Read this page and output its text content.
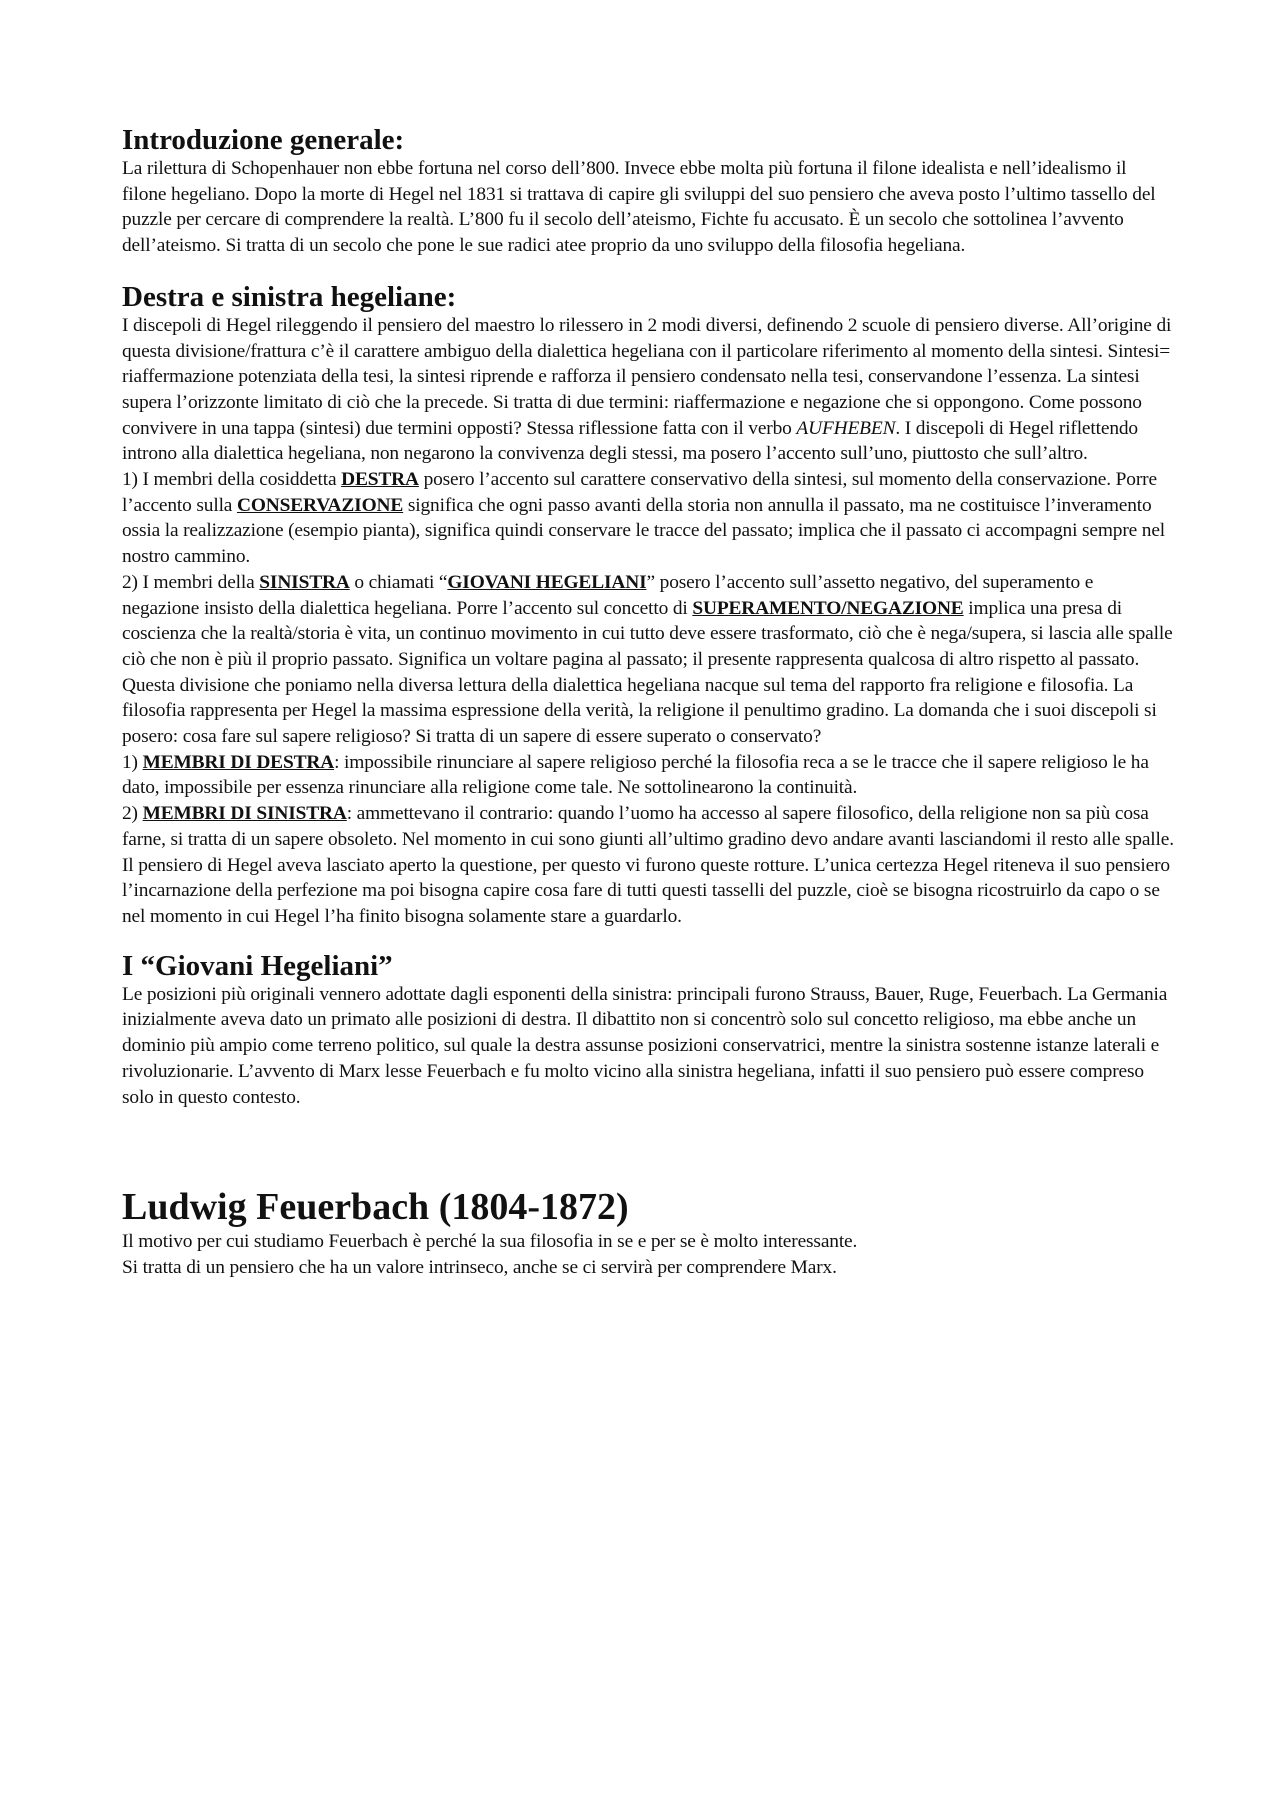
Introduzione generale:

La rilettura di Schopenhauer non ebbe fortuna nel corso dell’800. Invece ebbe molta più fortuna il filone idealista e nell’idealismo il filone hegeliano. Dopo la morte di Hegel nel 1831 si trattava di capire gli sviluppi del suo pensiero che aveva posto l’ultimo tassello del puzzle per cercare di comprendere la realtà. L’800 fu il secolo dell’ateismo, Fichte fu accusato. È un secolo che sottolinea l’avvento dell’ateismo. Si tratta di un secolo che pone le sue radici atee proprio da uno sviluppo della filosofia hegeliana.

Destra e sinistra hegeliane:

I discepoli di Hegel rileggendo il pensiero del maestro lo rilessero in 2 modi diversi, definendo 2 scuole di pensiero diverse. All’origine di questa divisione/frattura c’è il carattere ambiguo della dialettica hegeliana con il particolare riferimento al momento della sintesi. Sintesi= riaffermazione potenziata della tesi, la sintesi riprende e rafforza il pensiero condensato nella tesi, conservandone l’essenza. La sintesi supera l’orizzonte limitato di ciò che la precede. Si tratta di due termini: riaffermazione e negazione che si oppongono. Come possono convivere in una tappa (sintesi) due termini opposti? Stessa riflessione fatta con il verbo AUFHEBEN. I discepoli di Hegel riflettendo introno alla dialettica hegeliana, non negarono la convivenza degli stessi, ma posero l’accento sull’uno, piuttosto che sull’altro.

1) I membri della cosiddetta DESTRA posero l’accento sul carattere conservativo della sintesi, sul momento della conservazione. Porre l’accento sulla CONSERVAZIONE significa che ogni passo avanti della storia non annulla il passato, ma ne costituisce l’inveramento ossia la realizzazione (esempio pianta), significa quindi conservare le tracce del passato; implica che il passato ci accompagni sempre nel nostro cammino.

2) I membri della SINISTRA o chiamati “GIOVANI HEGELIANI” posero l’accento sull’assetto negativo, del superamento e negazione insisto della dialettica hegeliana. Porre l’accento sul concetto di SUPERAMENTO/NEGAZIONE implica una presa di coscienza che la realtà/storia è vita, un continuo movimento in cui tutto deve essere trasformato, ciò che è nega/supera, si lascia alle spalle ciò che non è più il proprio passato. Significa un voltare pagina al passato; il presente rappresenta qualcosa di altro rispetto al passato.

Questa divisione che poniamo nella diversa lettura della dialettica hegeliana nacque sul tema del rapporto fra religione e filosofia. La filosofia rappresenta per Hegel la massima espressione della verità, la religione il penultimo gradino. La domanda che i suoi discepoli si posero: cosa fare sul sapere religioso? Si tratta di un sapere di essere superato o conservato?

1) MEMBRI DI DESTRA: impossibile rinunciare al sapere religioso perché la filosofia reca a se le tracce che il sapere religioso le ha dato, impossibile per essenza rinunciare alla religione come tale. Ne sottolinearono la continuità.

2) MEMBRI DI SINISTRA: ammettevano il contrario: quando l’uomo ha accesso al sapere filosofico, della religione non sa più cosa farne, si tratta di un sapere obsoleto. Nel momento in cui sono giunti all’ultimo gradino devo andare avanti lasciandomi il resto alle spalle.

Il pensiero di Hegel aveva lasciato aperto la questione, per questo vi furono queste rotture. L’unica certezza Hegel riteneva il suo pensiero l’incarnazione della perfezione ma poi bisogna capire cosa fare di tutti questi tasselli del puzzle, cioè se bisogna ricostruirlo da capo o se nel momento in cui Hegel l’ha finito bisogna solamente stare a guardarlo.

I “Giovani Hegeliani”

Le posizioni più originali vennero adottate dagli esponenti della sinistra: principali furono Strauss, Bauer, Ruge, Feuerbach. La Germania inizialmente aveva dato un primato alle posizioni di destra. Il dibattito non si concentrò solo sul concetto religioso, ma ebbe anche un dominio più ampio come terreno politico, sul quale la destra assunse posizioni conservatrici, mentre la sinistra sostenne istanze laterali e rivoluzionarie. L’avvento di Marx lesse Feuerbach e fu molto vicino alla sinistra hegeliana, infatti il suo pensiero può essere compreso solo in questo contesto.

Ludwig Feuerbach (1804-1872)

Il motivo per cui studiamo Feuerbach è perché la sua filosofia in se e per se è molto interessante.

Si tratta di un pensiero che ha un valore intrinseco, anche se ci servirà per comprendere Marx.
